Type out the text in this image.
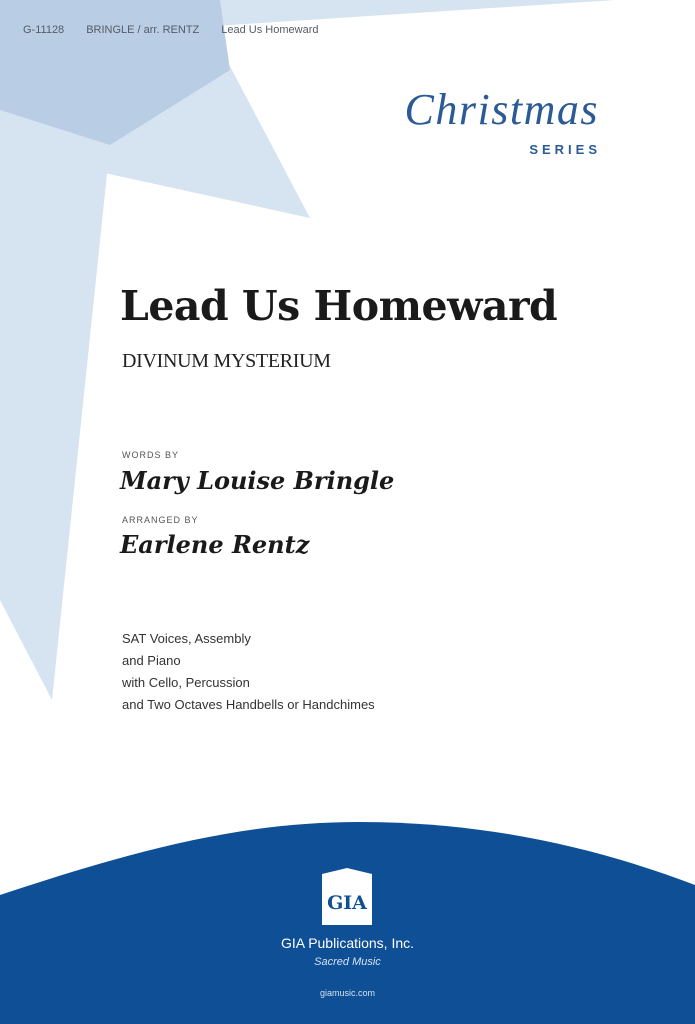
G-11128 BRINGLE / arr. RENTZ Lead Us Homeward
Christmas
SERIES
Lead Us Homeward
DIVINUM MYSTERIUM
WORDS BY
Mary Louise Bringle
ARRANGED BY
Earlene Rentz
SAT Voices, Assembly
and Piano
with Cello, Percussion
and Two Octaves Handbells or Handchimes
GIA
GIA Publications, Inc.
Sacred Music
giamusic.com
